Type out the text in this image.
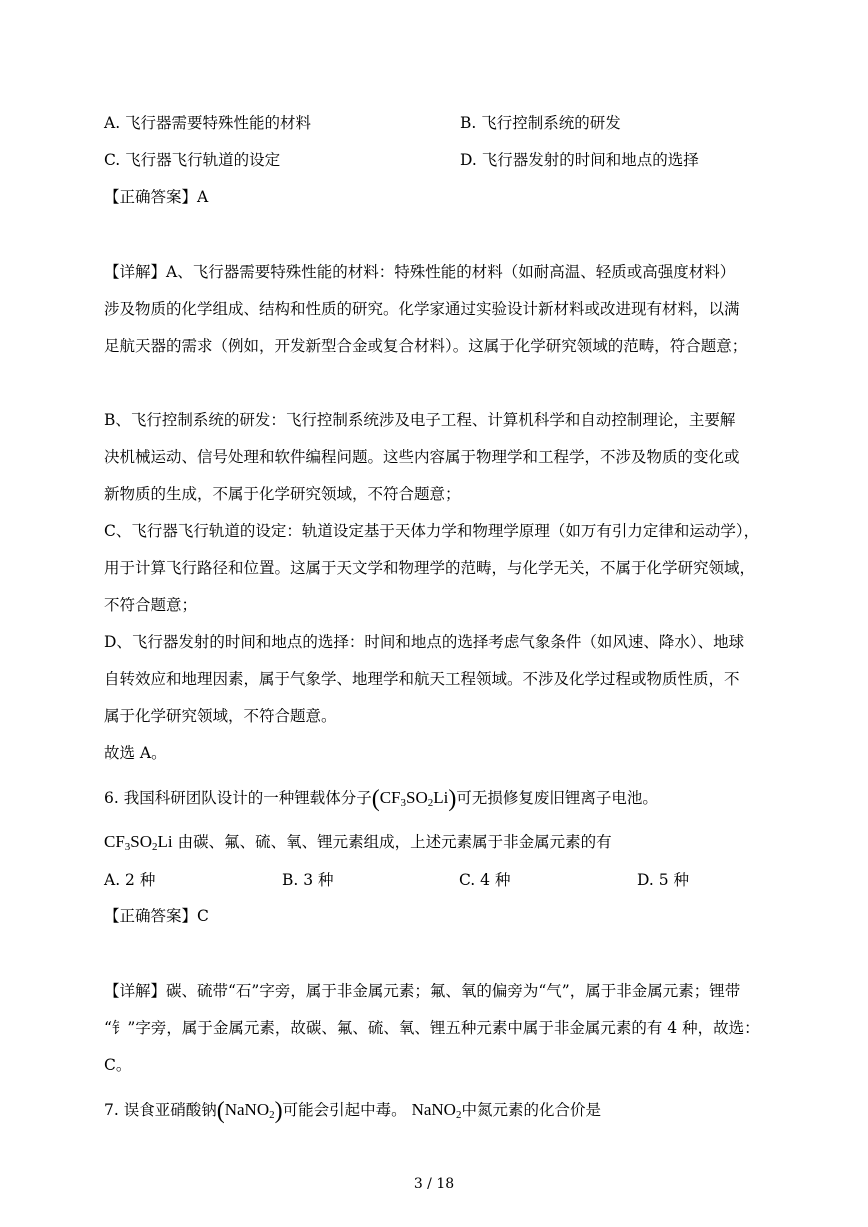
A. 飞行器需要特殊性能的材料	B. 飞行控制系统的研发
C. 飞行器飞行轨道的设定	D. 飞行器发射的时间和地点的选择
【正确答案】A
【详解】A、飞行器需要特殊性能的材料：特殊性能的材料（如耐高温、轻质或高强度材料）
涉及物质的化学组成、结构和性质的研究。化学家通过实验设计新材料或改进现有材料，以满
足航天器的需求（例如，开发新型合金或复合材料）。这属于化学研究领域的范畴，符合题意；
B、飞行控制系统的研发：飞行控制系统涉及电子工程、计算机科学和自动控制理论，主要解
决机械运动、信号处理和软件编程问题。这些内容属于物理学和工程学，不涉及物质的变化或
新物质的生成，不属于化学研究领域，不符合题意；
C、飞行器飞行轨道的设定：轨道设定基于天体力学和物理学原理（如万有引力定律和运动学），
用于计算飞行路径和位置。这属于天文学和物理学的范畴，与化学无关，不属于化学研究领域，
不符合题意；
D、飞行器发射的时间和地点的选择：时间和地点的选择考虑气象条件（如风速、降水）、地球
自转效应和地理因素，属于气象学、地理学和航天工程领域。不涉及化学过程或物质性质，不
属于化学研究领域，不符合题意。
故选 A。
6. 我国科研团队设计的一种锂载体分子$(CF_3SO_2Li)$可无损修复废旧锂离子电池。
$CF_3SO_2Li$ 由碳、氟、硫、氧、锂元素组成，上述元素属于非金属元素的有
A. 2 种	B. 3 种	C. 4 种	D. 5 种
【正确答案】C
【详解】碳、硫带“石”字旁，属于非金属元素；氟、氧的偏旁为“气”，属于非金属元素；锂带
“钅”字旁，属于金属元素，故碳、氟、硫、氧、锂五种元素中属于非金属元素的有 4 种，故选：
C。
7. 误食亚硝酸钠(NaNO$_2$)可能会引起中毒。 NaNO$_2$中氮元素的化合价是
3 / 18
